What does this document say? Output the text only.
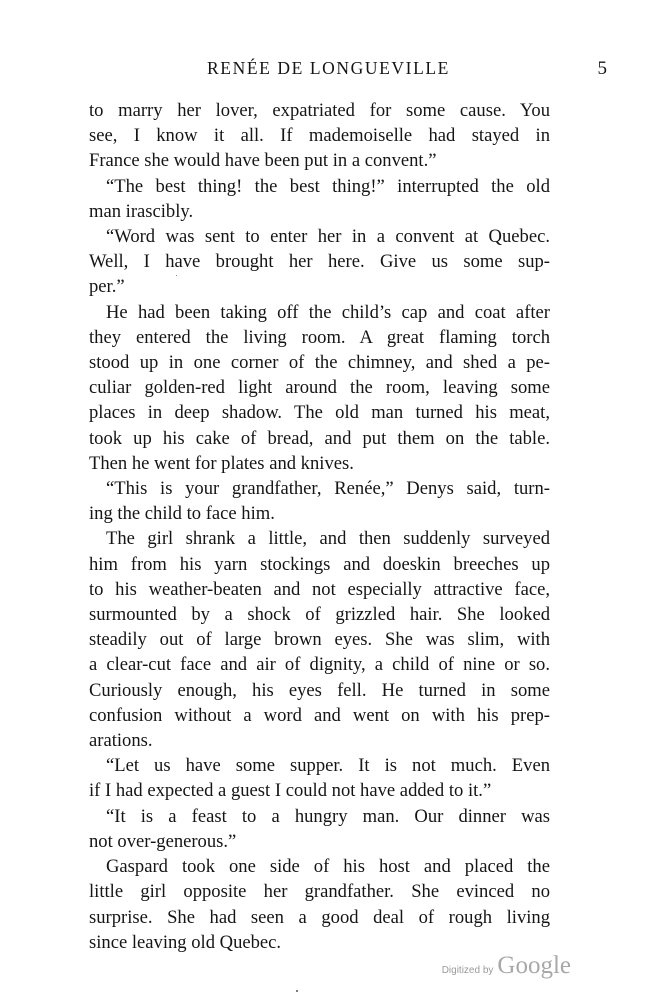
RENÉE DE LONGUEVILLE	5
to marry her lover, expatriated for some cause. You
see, I know it all. If mademoiselle had stayed in
France she would have been put in a convent.”
“The best thing! the best thing!” interrupted the old
man irascibly.
“Word was sent to enter her in a convent at Quebec.
Well, I have brought her here. Give us some sup-
per.”
He had been taking off the child’s cap and coat after
they entered the living room. A great flaming torch
stood up in one corner of the chimney, and shed a pe-
culiar golden-red light around the room, leaving some
places in deep shadow. The old man turned his meat,
took up his cake of bread, and put them on the table.
Then he went for plates and knives.
“This is your grandfather, Renée,” Denys said, turn-
ing the child to face him.
The girl shrank a little, and then suddenly surveyed
him from his yarn stockings and doeskin breeches up
to his weather-beaten and not especially attractive face,
surmounted by a shock of grizzled hair. She looked
steadily out of large brown eyes. She was slim, with
a clear-cut face and air of dignity, a child of nine or so.
Curiously enough, his eyes fell. He turned in some
confusion without a word and went on with his prep-
arations.
“Let us have some supper. It is not much. Even
if I had expected a guest I could not have added to it.”
“It is a feast to a hungry man. Our dinner was
not over-generous.”
Gaspard took one side of his host and placed the
little girl opposite her grandfather. She evinced no
surprise. She had seen a good deal of rough living
since leaving old Quebec.
Digitized by Google
